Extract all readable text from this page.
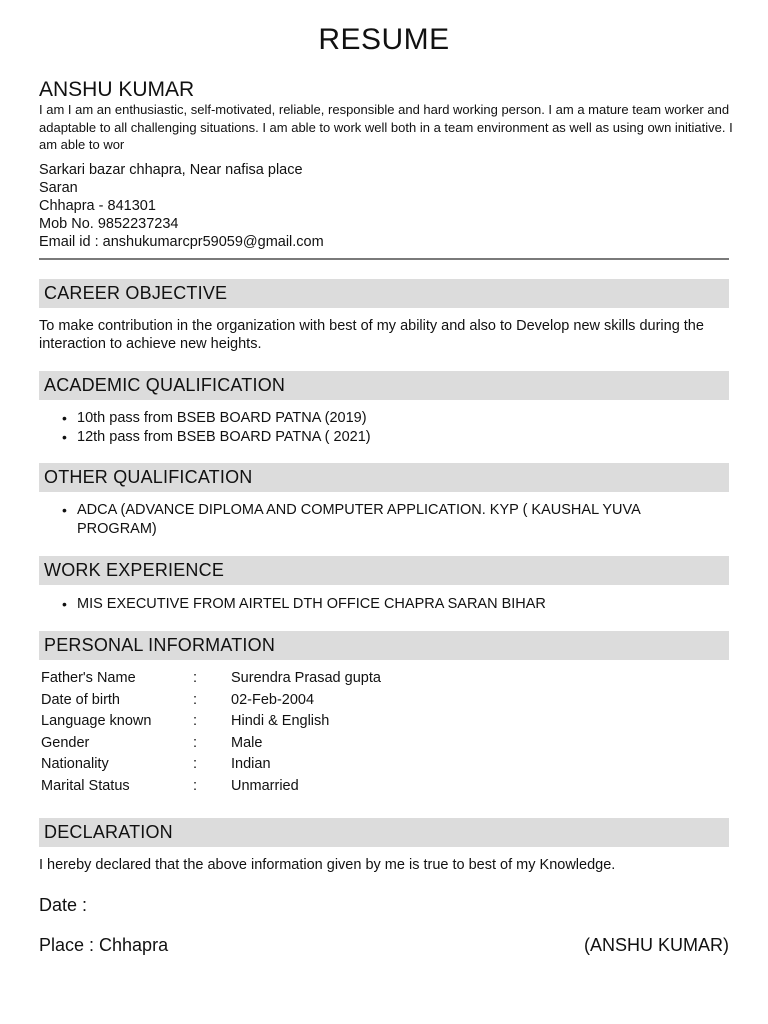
RESUME
ANSHU KUMAR
I am I am an enthusiastic, self-motivated, reliable, responsible and hard working person. I am a mature team worker and adaptable to all challenging situations. I am able to work well both in a team environment as well as using own initiative. I am able to wor
Sarkari bazar chhapra, Near nafisa place
Saran
Chhapra - 841301
Mob No. 9852237234
Email id : anshukumarcpr59059@gmail.com
CAREER OBJECTIVE
To make contribution in the organization with best of my ability and also to Develop new skills during the interaction to achieve new heights.
ACADEMIC QUALIFICATION
• 10th pass from BSEB BOARD PATNA (2019)
• 12th pass from BSEB BOARD PATNA ( 2021)
OTHER QUALIFICATION
• ADCA (ADVANCE DIPLOMA AND COMPUTER APPLICATION. KYP ( KAUSHAL YUVA PROGRAM)
WORK EXPERIENCE
• MIS EXECUTIVE FROM AIRTEL DTH OFFICE CHAPRA SARAN BIHAR
PERSONAL INFORMATION
Father's Name	: Surendra Prasad gupta
Date of birth	: 02-Feb-2004
Language known	: Hindi & English
Gender	: Male
Nationality	: Indian
Marital Status	: Unmarried
DECLARATION
I hereby declared that the above information given by me is true to best of my Knowledge.
Date :
Place : Chhapra	(ANSHU KUMAR)
